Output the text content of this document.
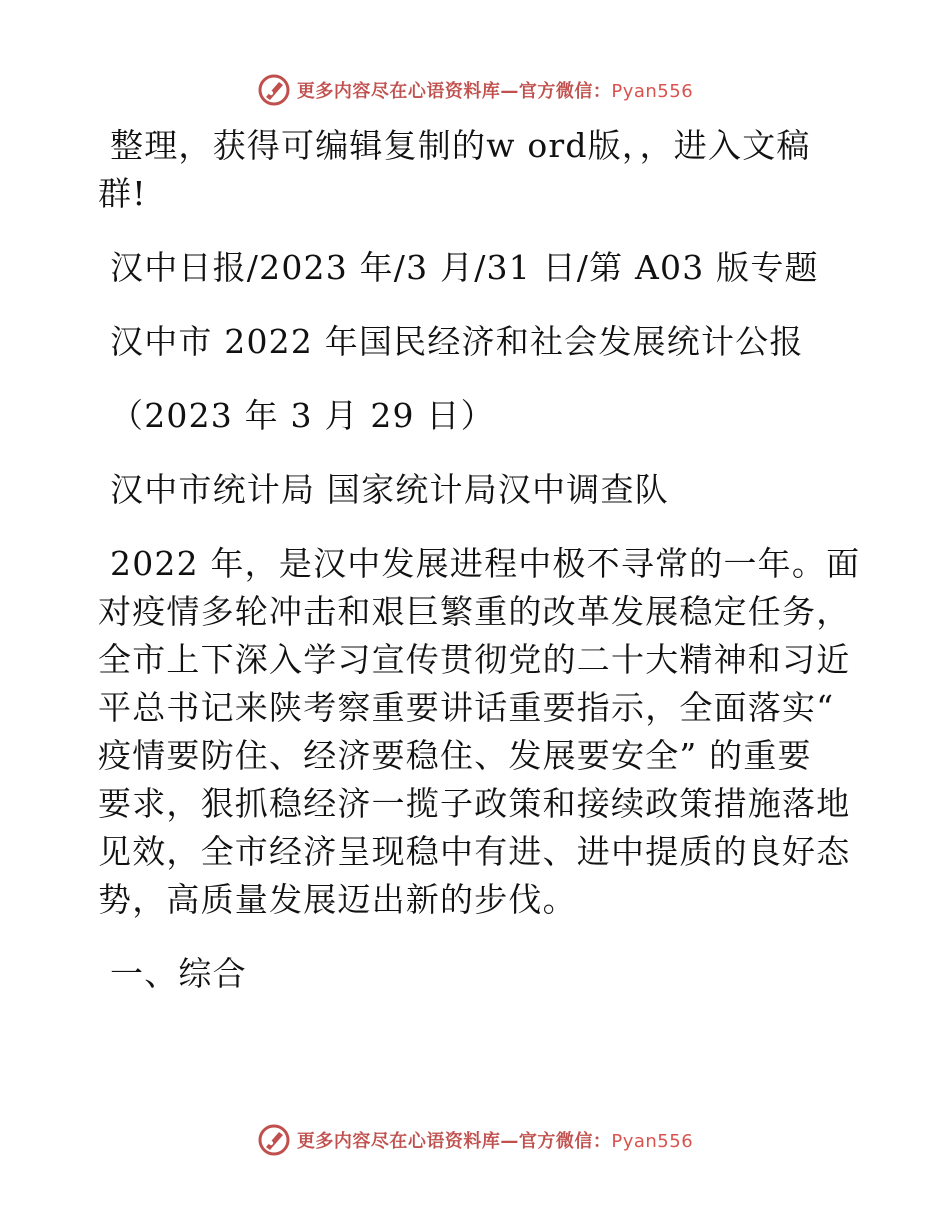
更多内容尽在心语资料库—官方微信：Pyan556

整理，获得可编辑复制的w ord版，，进入文稿

群!

汉中日报/2023 年/3 月/31 日/第 A03 版专题

汉中市 2022 年国民经济和社会发展统计公报

（2023 年 3 月 29 日）

汉中市统计局 国家统计局汉中调查队

2022 年，是汉中发展进程中极不寻常的一年。面

对疫情多轮冲击和艰巨繁重的改革发展稳定任务，

全市上下深入学习宣传贯彻党的二十大精神和习近

平总书记来陕考察重要讲话重要指示，全面落实“

疫情要防住、经济要稳住、发展要安全” 的重要

要求，狠抓稳经济一揽子政策和接续政策措施落地

见效，全市经济呈现稳中有进、进中提质的良好态

势，高质量发展迈出新的步伐。

一、综合

更多内容尽在心语资料库—官方微信：Pyan556
